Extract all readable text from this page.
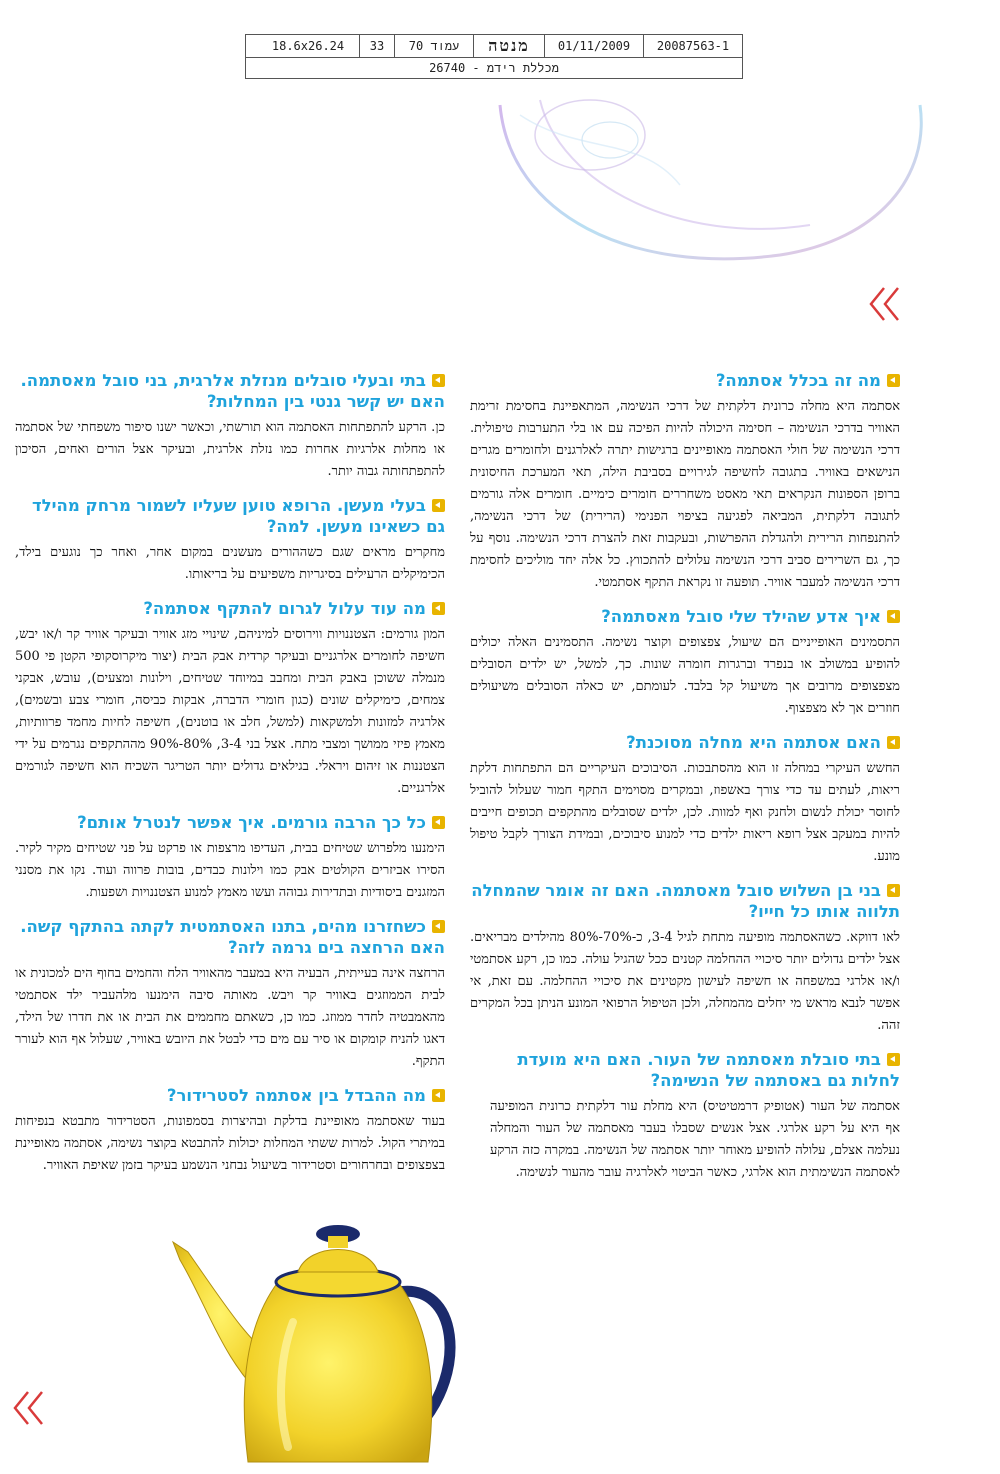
20087563-1
01/11/2009
מנטה
עמוד 70
33
18.6x26.24
מכללת רידמ - 26740
מה זה בכלל אסתמה?

אסתמה היא מחלה כרונית דלקתית של דרכי הנשימה, המתאפיינת בחסימת זרימת האוויר בדרכי הנשימה – חסימה היכולה להיות הפיכה עם או בלי התערבות טיפולית. דרכי הנשימה של חולי האסתמה מאופיינים ברגישות יתרה לאלרגנים ולחומרים מגרים הנישאים באוויר. בתגובה לחשיפה לגירויים בסביבת הילה, תאי המערכת החיסונית ברופן הספונות הנקראים תאי מאסט משחררים חומרים כימיים. חומרים אלה גורמים לתגובה דלקתית, המביאה לפגיעה בציפוי הפנימי (הרירית) של דרכי הנשימה, להתנפחות הרירית ולהגדלת ההפרשות, ובעקבות זאת להצרת דרכי הנשימה. נוסף על כך, גם השרירים סביב דרכי הנשימה עלולים להתכווץ. כל אלה יחד מוליכים לחסימת דרכי הנשימה למעבר אוויר. תופעה זו נקראת התקף אסתמטי.

איך אדע שהילד שלי סובל מאסתמה?

התסמינים האופייניים הם שיעול, צפצופים וקוצר נשימה. התסמינים האלה יכולים להופיע במשולב או בנפרד וברגרות חומרה שונות. כך, למשל, יש ילדים הסובלים מצפצופים מרובים אך משיעול קל בלבד. לעומתם, יש כאלה הסובלים משיעולים חוזרים אך לא מצפצוף.

האם אסתמה היא מחלה מסוכנת?

החשש העיקרי במחלה זו הוא מהסתבכות. הסיבוכים העיקריים הם התפתחות דלקת ריאות, לעתים עד כדי צורך באשפוז, ובמקרים מסוימים התקף חמור שעלול להוביל לחוסר יכולת לנשום ולחנק ואף למוות. לכן, ילדים שסובלים מהתקפים תכופים חייבים להיות במעקב אצל רופא ריאות ילדים כדי למנוע סיבוכים, ובמידת הצורך לקבל טיפול מונע.

בני בן השלוש סובל מאסתמה. האם זה אומר שהמחלה תלווה אותו כל חייו?

לאו דווקא. כשהאסתמה מופיעה מתחת לגיל 3-4, כ-70%-80% מהילדים מבריאים. אצל ילדים גדולים יותר סיכויי ההחלמה קטנים ככל שהגיל עולה. כמו כן, רקע אסתמטי ו/או אלרגי במשפחה או חשיפה לעישון מקטינים את סיכויי ההחלמה. עם זאת, אי אפשר לנבא מראש מי יחלים מהמחלה, ולכן הטיפול הרפואי המונע הניתן בכל המקרים זהה.

בתי סובלת מאסתמה של העור. האם היא מועדת לחלות גם באסתמה של הנשימה?

אסתמה של העור (אטופיק דרמטיטיס) היא מחלת עור דלקתית כרונית המופיעה אף היא על רקע אלרגי. אצל אנשים שסבלו בעבר מאסתמה של העור והמחלה נעלמה אצלם, עלולה להופיע מאוחר יותר אסתמה של הנשימה. במקרה כזה הרקע לאסתמה הנשימתית הוא אלרגי, כאשר הביטוי לאלרגיה עובר מהעור לנשימה.

בתי ובעלי סובלים מנזלת אלרגית, בני סובל מאסתמה. האם יש קשר גנטי בין המחלות?

כן. הרקע להתפתחות האסתמה הוא תורשתי, וכאשר ישנו סיפור משפחתי של אסתמה או מחלות אלרגיות אחרות כמו נזלת אלרגית, ובעיקר אצל הורים ואחים, הסיכון להתפתחותה גבוה יותר.

בעלי מעשן. הרופא טוען שעליו לשמור מרחק מהילד גם כשאינו מעשן. למה?

מחקרים מראים שגם כשההורים מעשנים במקום אחר, ואחר כך נוגעים בילד, הכימיקלים הרעילים בסיגריות משפיעים על בריאותו.

מה עוד עלול לגרום להתקף אסתמה?

המון גורמים: הצטננויות ווירוסים למיניהם, שינויי מזג אוויר ובעיקר אוויר קר ו/או יבש, חשיפה לחומרים אלרגניים ובעיקר קרדית אבק הבית (יצור מיקרוסקופי הקטן פי 500 מנמלה ששוכן באבק הבית ומחבב במיוחד שטיחים, וילונות ומצעים), עובש, אבקני צמחים, כימיקלים שונים (כגון חומרי הדברה, אבקות כביסה, חומרי צבע ובשמים), אלרגיה למזונות ולמשקאות (למשל, חלב או בוטנים), חשיפה לחיות מחמד פרוותיות, מאמץ פיזי ממושך ומצבי מתח. אצל בני 3-4, 80%-90% מההתקפים נגרמים על ידי הצטננות או זיהום ויראלי. בגילאים גדולים יותר הטריגר השכיח הוא חשיפה לגורמים אלרגניים.

כל כך הרבה גורמים. איך אפשר לנטרל אותם?

הימנעו מלפרוש שטיחים בבית, העדיפו מרצפות או פרקט על פני שטיחים מקיר לקיר. הסירו אביזרים הקולטים אבק כמו וילונות כבדים, בובות פרווה ועוד. נקו את מסנני המזגנים ביסודיות ובתדירות גבוהה ועשו מאמץ למנוע הצטננויות ושפעות.

כשחזרנו מהים, בתנו האסתמטית לקתה בהתקף קשה. האם הרחצה בים גרמה לזה?

הרחצה אינה בעייתית, הבעיה היא במעבר מהאוויר הלח והחמים בחוף הים למכונית או לבית הממוזגים באוויר קר ויבש. מאותה סיבה הימנעו מלהעביר ילד אסתמטי מהאמבטיה לחדר ממוזג. כמו כן, כשאתם מחממים את הבית או את חדרו של הילד, דאגו להניח קומקום או סיר עם מים כדי לבטל את היובש באוויר, שעלול אף הוא לעורר התקף.

מה ההבדל בין אסתמה לסטרידור?

בעוד שאסתמה מאופיינת בדלקת ובהיצרות בסמפונות, הסטרידור מתבטא בנפיחות במיתרי הקול. למרות ששתי המחלות יכולות להתבטא בקוצר נשימה, אסתמה מאופיינת בצפצופים ובחרחורים וסטרידור בשיעול נבחני הנשמע בעיקר בזמן שאיפת האוויר.
